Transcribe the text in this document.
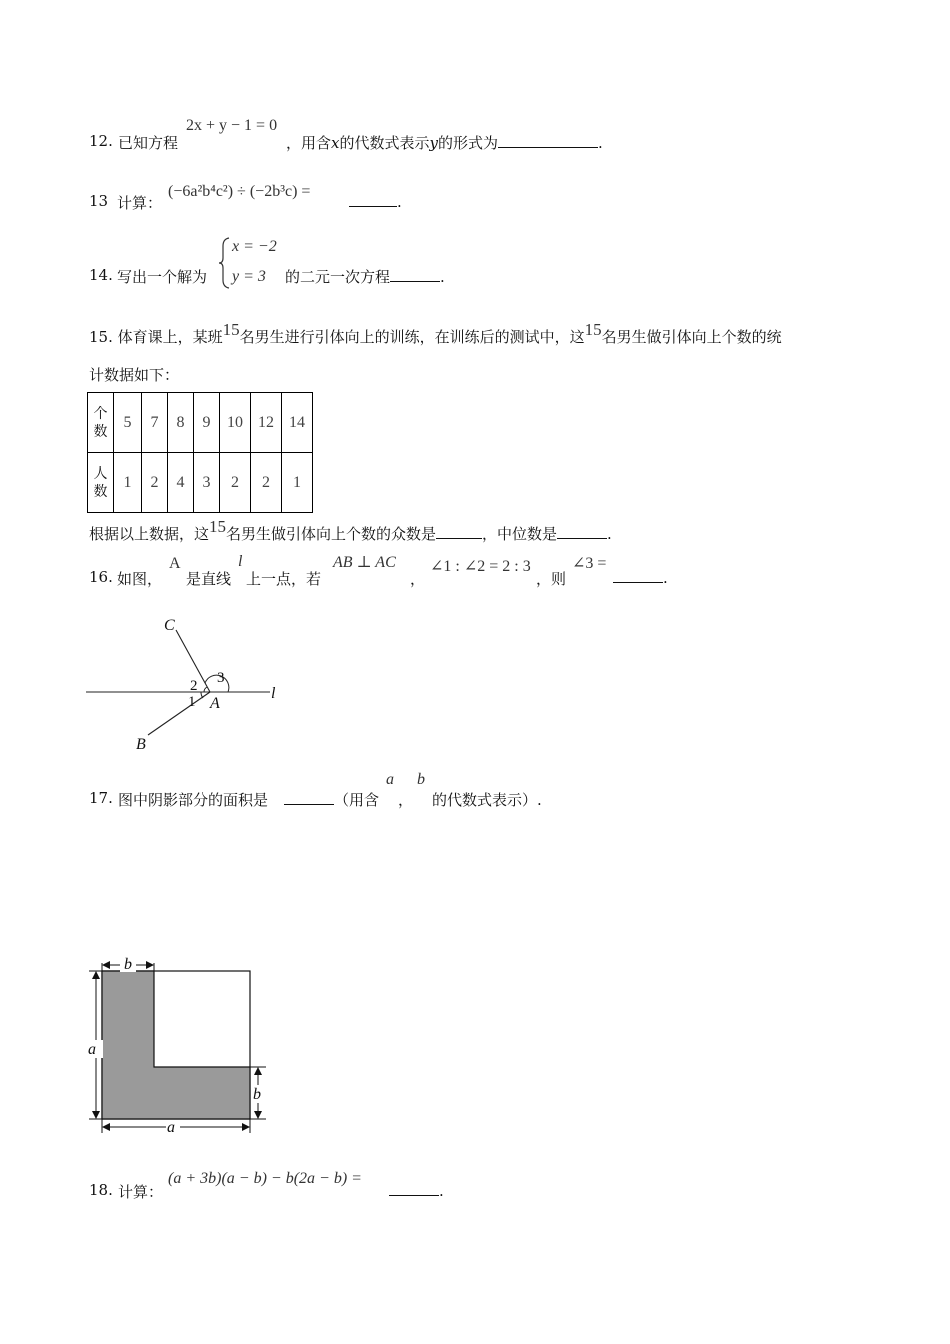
12. 已知方程
2x + y − 1 = 0
，用含x的代数式表示y的形式为	.
13 计算：
(−6a²b⁴c²) ÷ (−2b³c) =
.
14. 写出一个解为
x = −2
y = 3 的二元一次方程	.
15. 体育课上，某班15名男生进行引体向上的训练，在训练后的测试中，这15名男生做引体向上个数的统
计数据如下：
个
数	5	7	8	9	10	12	14
人
数	1	2	4	3	2	2	1
根据以上数据，这15名男生做引体向上个数的众数是	，中位数是	.
16. 如图，
A
是直线
l
上一点，若
AB ⊥ AC
，
∠1 : ∠2 = 2 : 3
，则
∠3 =
.
C
B
A
l
1
2 3
17. 图中阴影部分的面积是	（用含
a
，
b
的代数式表示）.
b
a
b
a
18. 计算：
(a + 3b)(a − b) − b(2a − b) =
.
